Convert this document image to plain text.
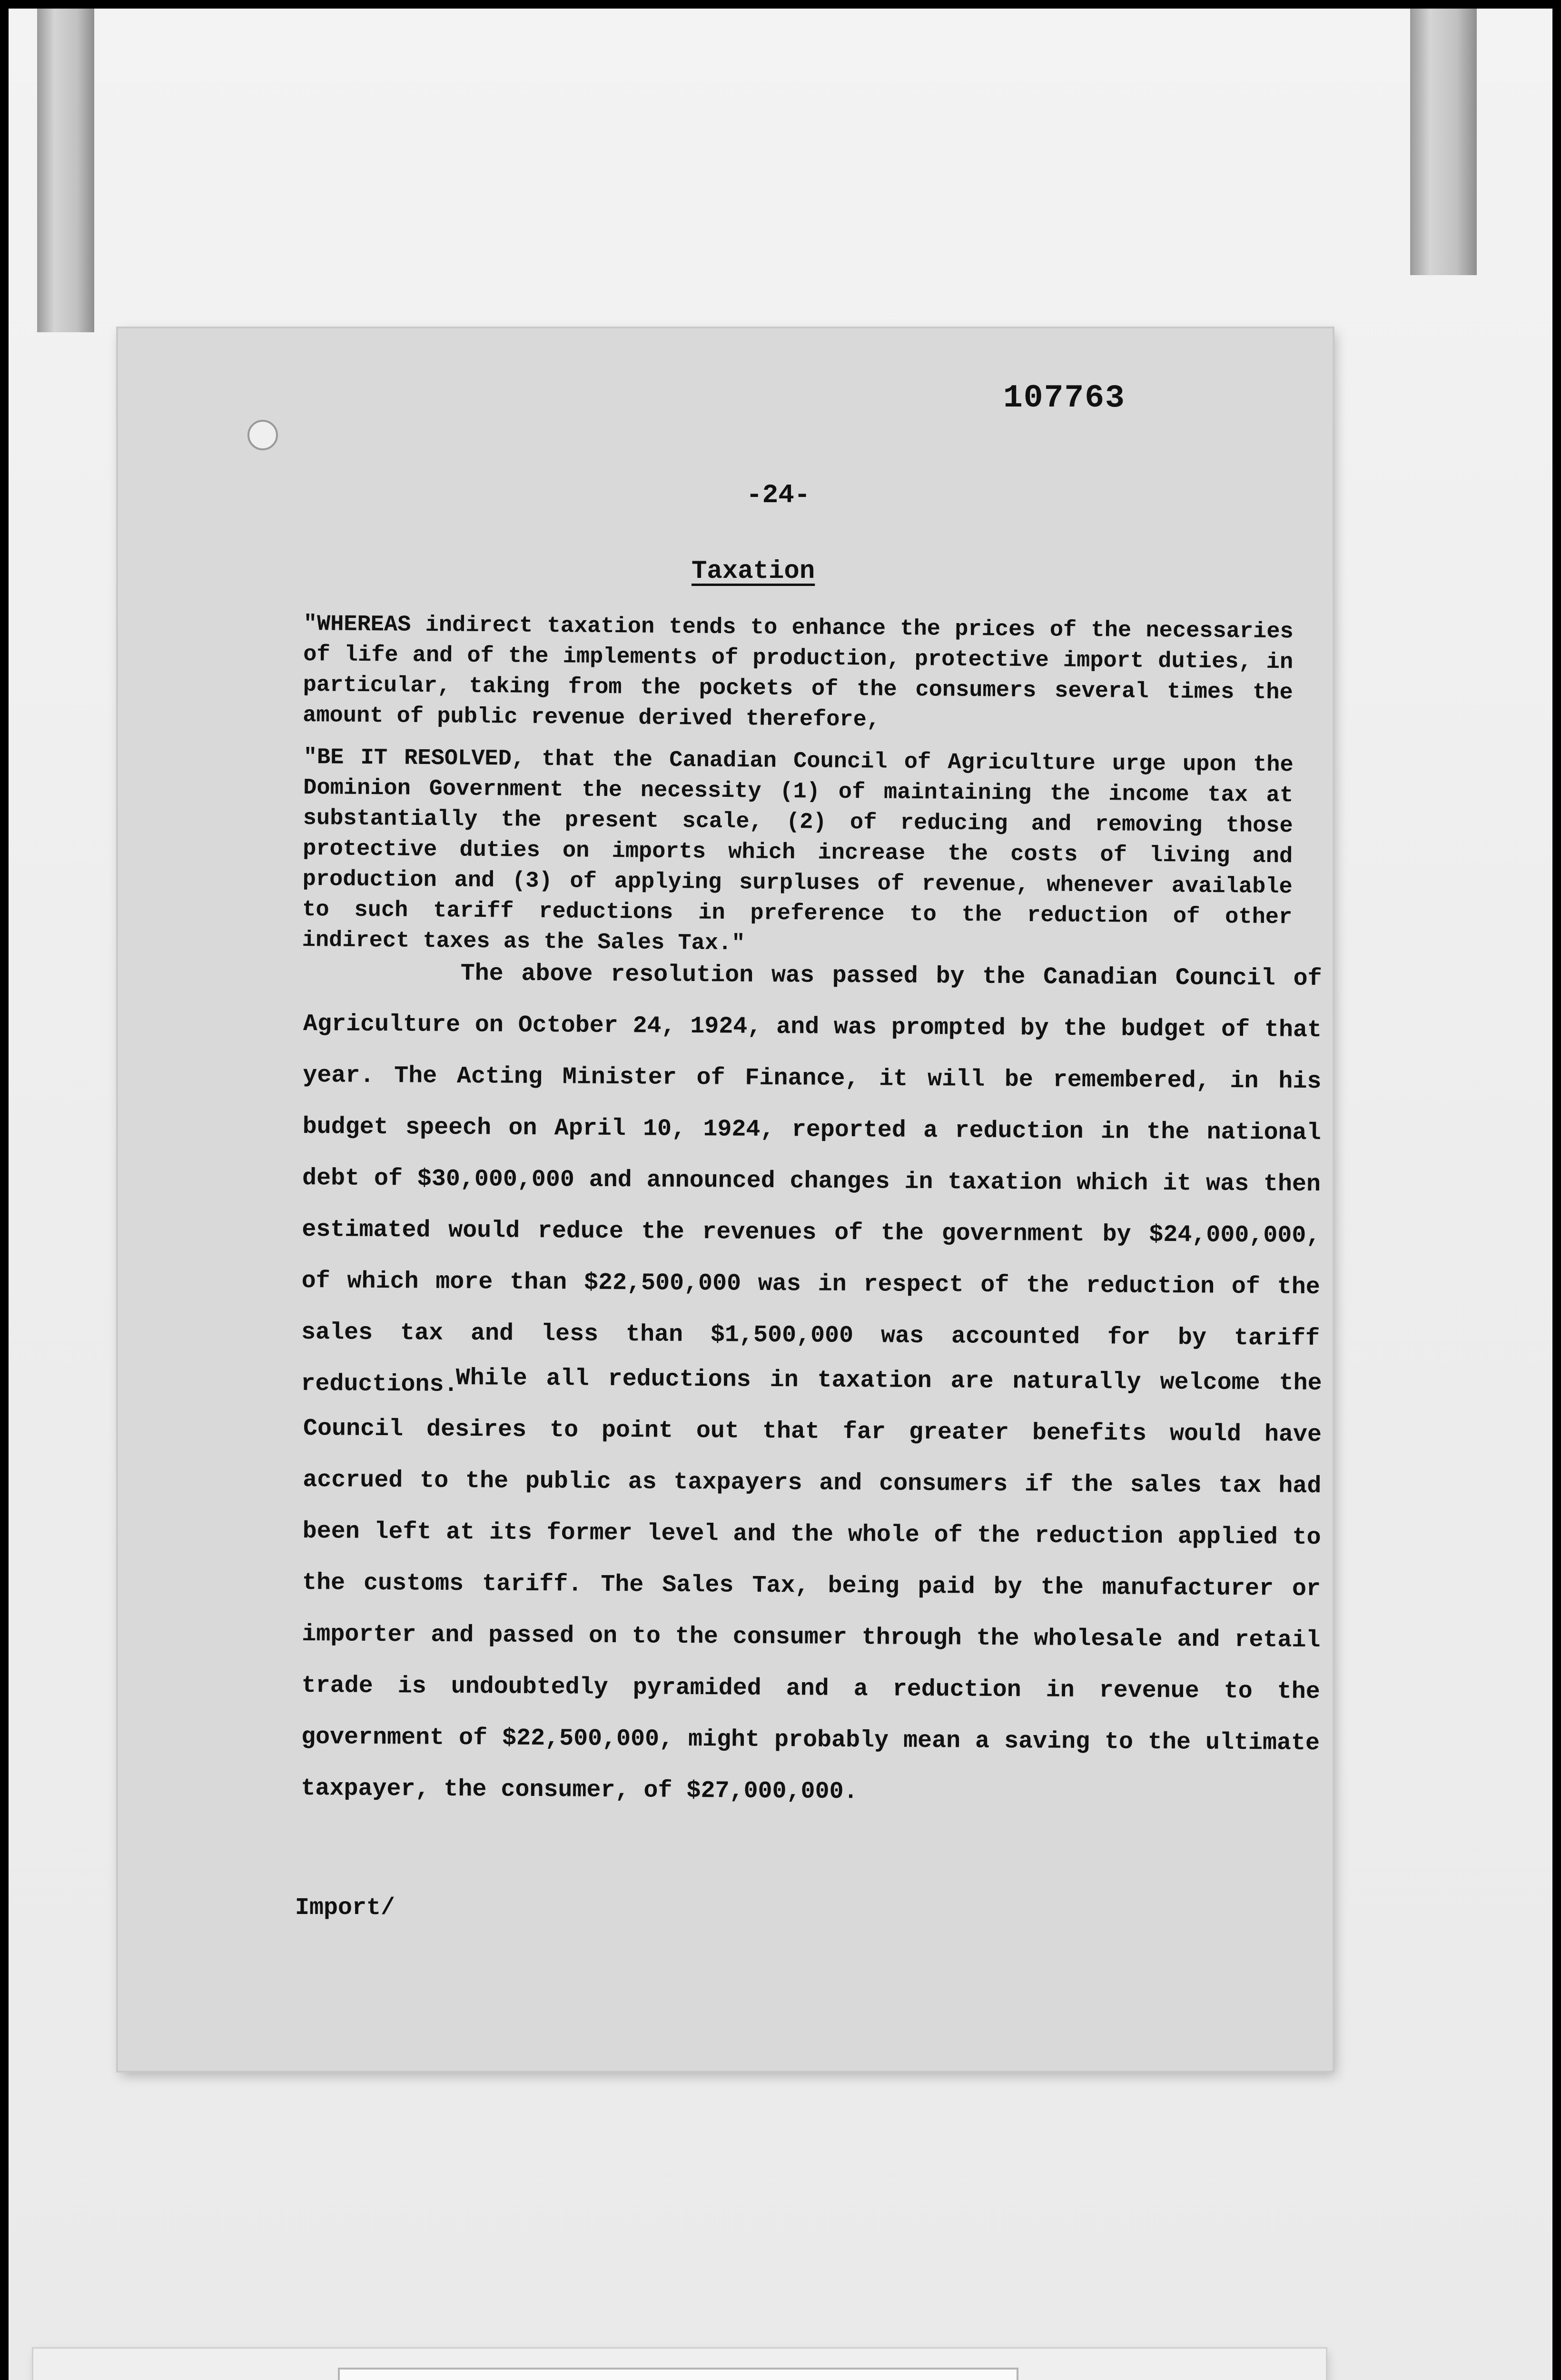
107763
-24-
Taxation
"WHEREAS indirect taxation tends to enhance the prices of the necessaries of life and of the implements of production, protective import duties, in particular, taking from the pockets of the consumers several times the amount of public revenue derived therefore,
"BE IT RESOLVED, that the Canadian Council of Agriculture urge upon the Dominion Government the necessity (1) of maintaining the income tax at substantially the present scale, (2) of reducing and removing those protective duties on imports which increase the costs of living and production and (3) of applying surpluses of revenue, whenever available to such tariff reductions in preference to the reduction of other indirect taxes as the Sales Tax."
The above resolution was passed by the Canadian Council of Agriculture on October 24, 1924, and was prompted by the budget of that year. The Acting Minister of Finance, it will be remembered, in his budget speech on April 10, 1924, reported a reduction in the national debt of $30,000,000 and announced changes in taxation which it was then estimated would reduce the revenues of the government by $24,000,000, of which more than $22,500,000 was in respect of the reduction of the sales tax and less than $1,500,000 was accounted for by tariff reductions.
While all reductions in taxation are naturally welcome the Council desires to point out that far greater benefits would have accrued to the public as taxpayers and consumers if the sales tax had been left at its former level and the whole of the reduction applied to the customs tariff. The Sales Tax, being paid by the manufacturer or importer and passed on to the consumer through the wholesale and retail trade is undoubtedly pyramided and a reduction in revenue to the government of $22,500,000, might probably mean a saving to the ultimate taxpayer, the consumer, of $27,000,000.
Import/
